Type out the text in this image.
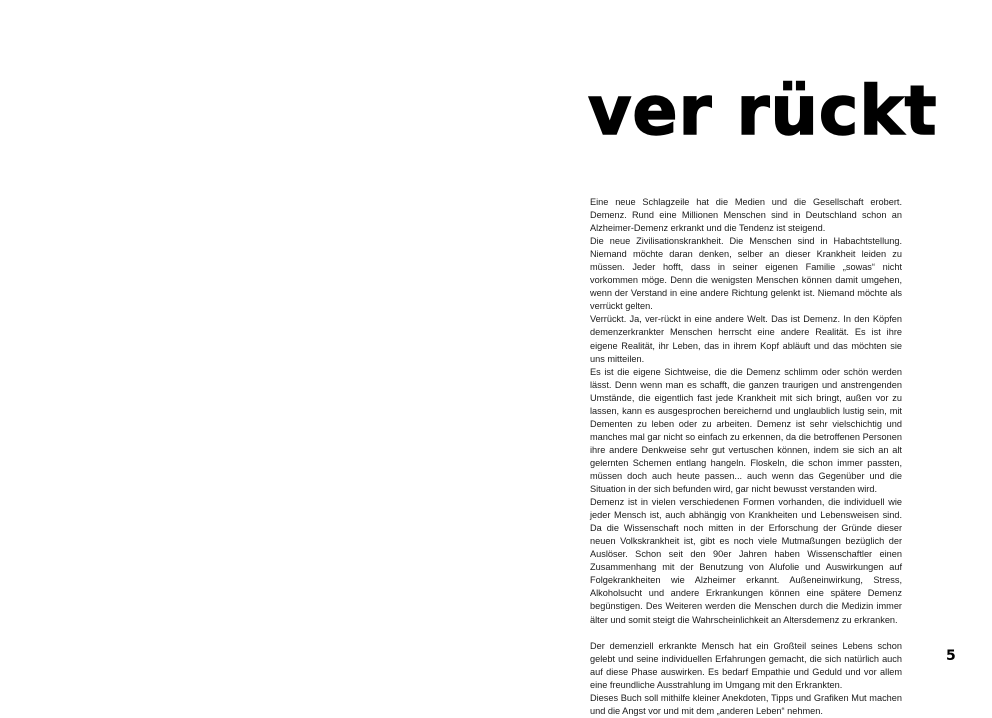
ver rückt

Eine neue Schlagzeile hat die Medien und die Gesellschaft erobert. Demenz. Rund eine Millionen Menschen sind in Deutschland schon an Alzheimer-Demenz erkrankt und die Tendenz ist steigend.

Die neue Zivilisationskrankheit. Die Menschen sind in Habachtstellung. Niemand möchte daran denken, selber an dieser Krankheit leiden zu müssen. Jeder hofft, dass in seiner eigenen Familie „sowas“ nicht vorkommen möge. Denn die wenigsten Menschen können damit umgehen, wenn der Verstand in eine andere Richtung gelenkt ist. Niemand möchte als verrückt gelten.

Verrückt. Ja, ver-rückt in eine andere Welt. Das ist Demenz. In den Köpfen demenzerkrankter Menschen herrscht eine andere Realität. Es ist ihre eigene Realität, ihr Leben, das in ihrem Kopf abläuft und das möchten sie uns mitteilen.

Es ist die eigene Sichtweise, die die Demenz schlimm oder schön werden lässt. Denn wenn man es schafft, die ganzen traurigen und anstrengenden Umstände, die eigentlich fast jede Krankheit mit sich bringt, außen vor zu lassen, kann es ausgesprochen bereichernd und unglaublich lustig sein, mit Dementen zu leben oder zu arbeiten. Demenz ist sehr vielschichtig und manches mal gar nicht so einfach zu erkennen, da die betroffenen Personen ihre andere Denkweise sehr gut vertuschen können, indem sie sich an alt gelernten Schemen entlang hangeln. Floskeln, die schon immer passten, müssen doch auch heute passen... auch wenn das Gegenüber und die Situation in der sich befunden wird, gar nicht bewusst verstanden wird.

Demenz ist in vielen verschiedenen Formen vorhanden, die individuell wie jeder Mensch ist, auch abhängig von Krankheiten und Lebensweisen sind. Da die Wissenschaft noch mitten in der Erforschung der Gründe dieser neuen Volkskrankheit ist, gibt es noch viele Mutmaßungen bezüglich der Auslöser. Schon seit den 90er Jahren haben Wissenschaftler einen Zusammenhang mit der Benutzung von Alufolie und Auswirkungen auf Folgekrankheiten wie Alzheimer erkannt. Außeneinwirkung, Stress, Alkoholsucht und andere Erkrankungen können eine spätere Demenz begünstigen. Des Weiteren werden die Menschen durch die Medizin immer älter und somit steigt die Wahrscheinlichkeit an Altersdemenz zu erkranken.

Der demenziell erkrankte Mensch hat ein Großteil seines Lebens schon gelebt und seine individuellen Erfahrungen gemacht, die sich natürlich auch auf diese Phase auswirken. Es bedarf Empathie und Geduld und vor allem eine freundliche Ausstrahlung im Umgang mit den Erkrankten.

Dieses Buch soll mithilfe kleiner Anekdoten, Tipps und Grafiken Mut machen und die Angst vor und mit dem „anderen Leben“ nehmen.

5
